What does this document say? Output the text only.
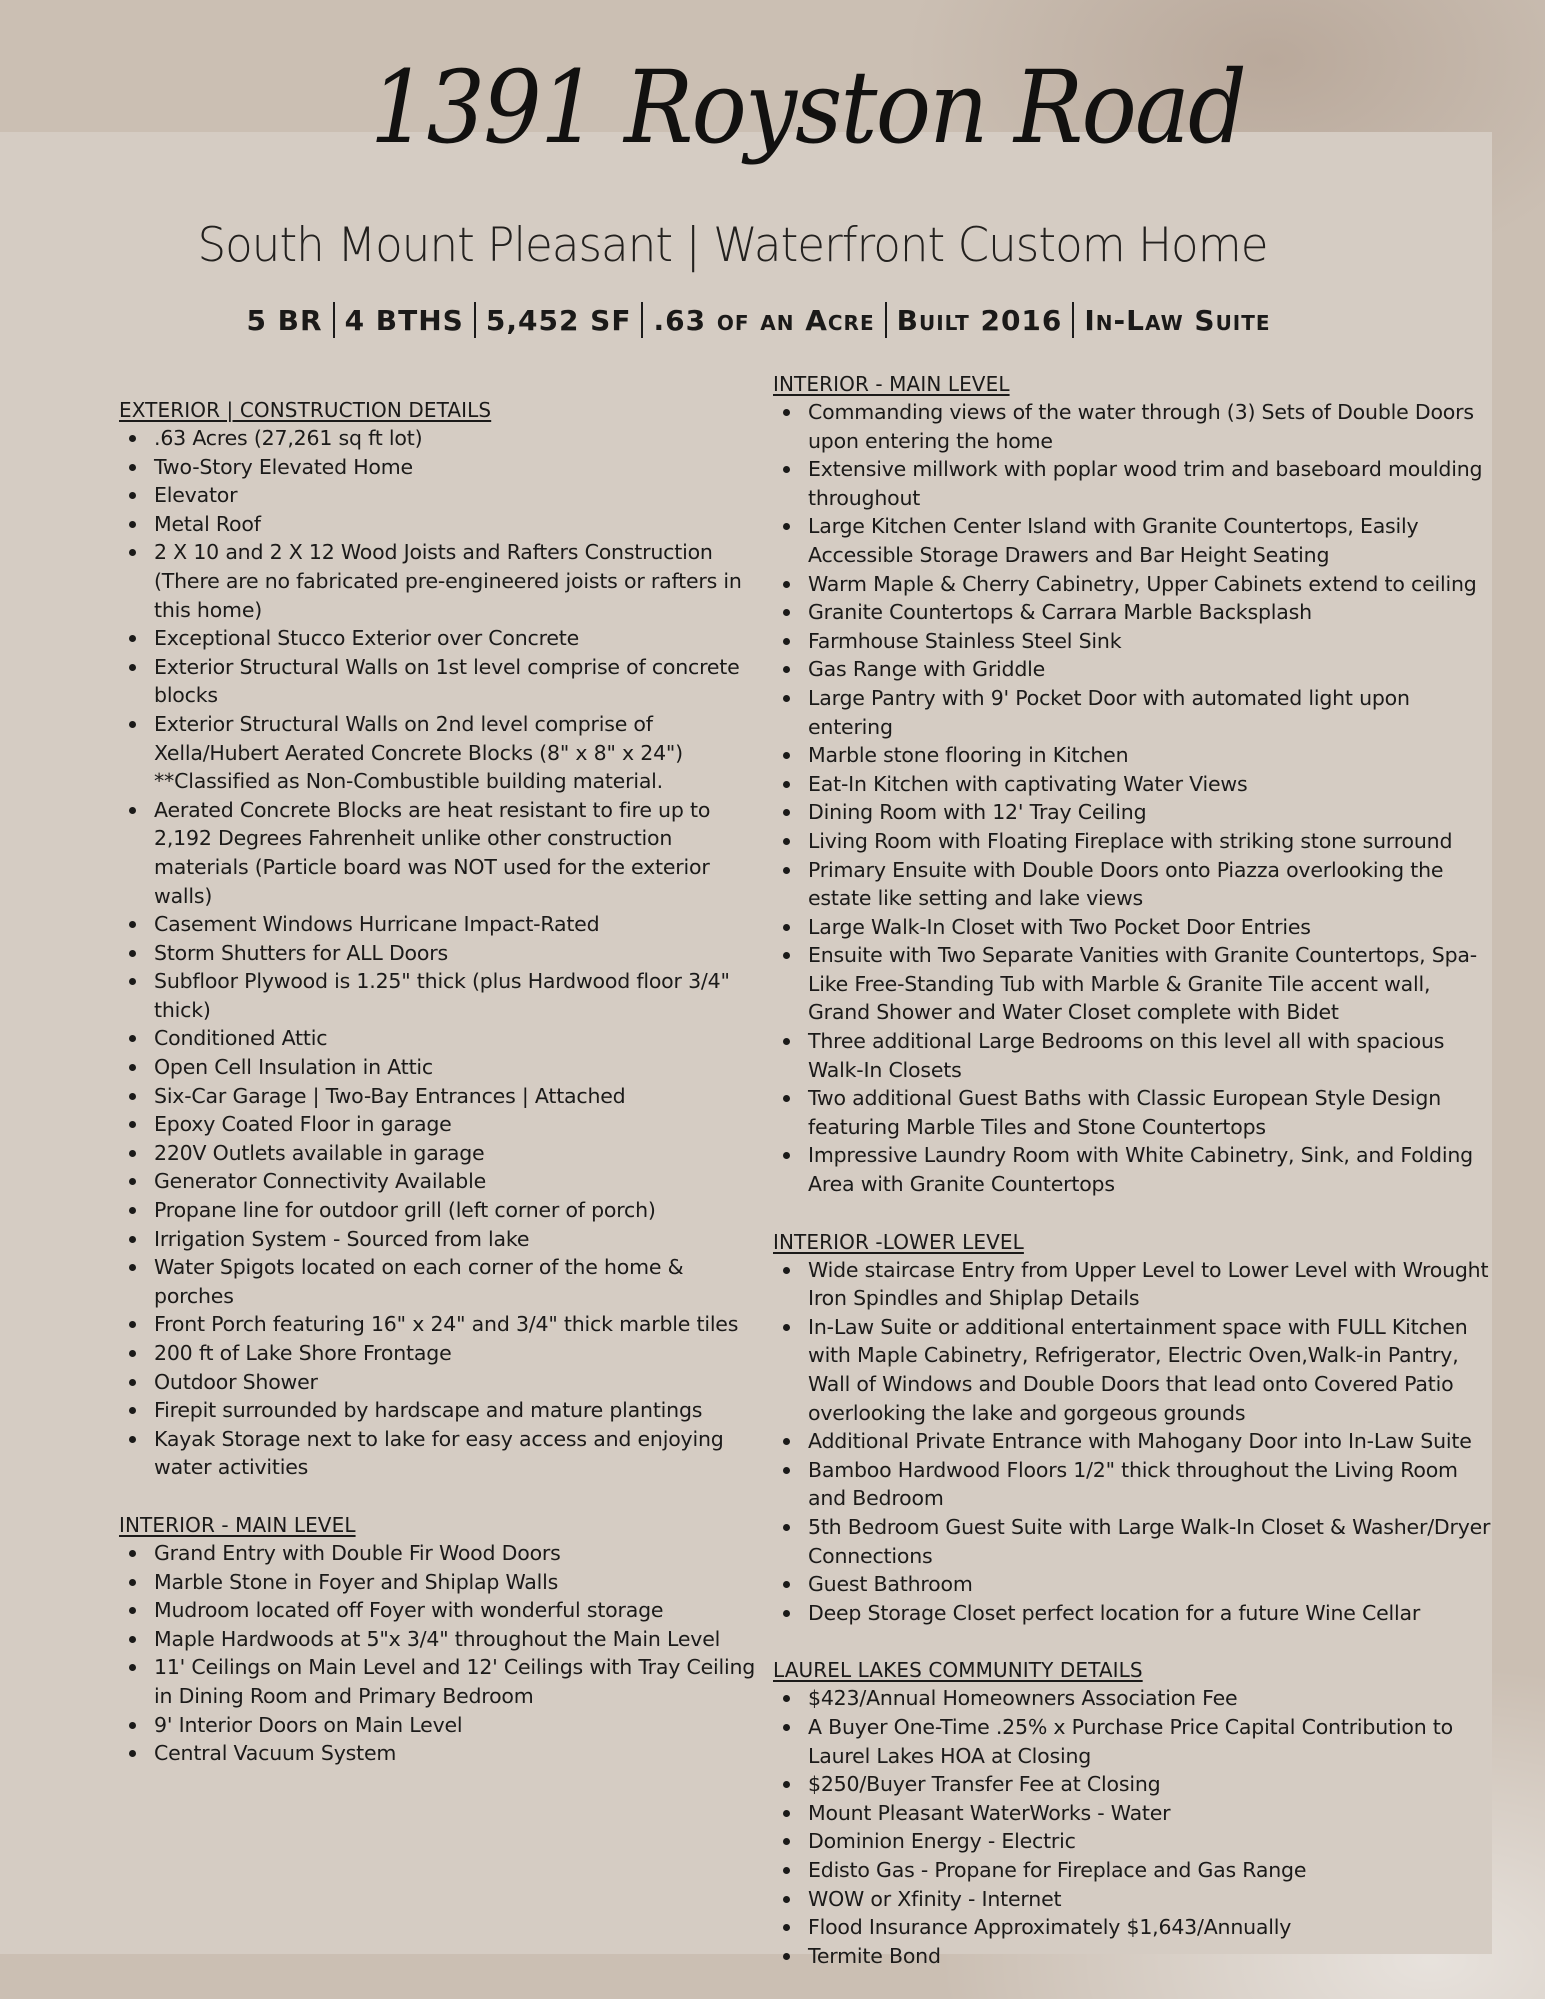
1391 Royston Road
South Mount Pleasant | Waterfront Custom Home
5 BR 4 BTHS 5,452 SF .63 of an Acre Built 2016 In-Law Suite
EXTERIOR | CONSTRUCTION DETAILS
.63 Acres (27,261 sq ft lot)
Two-Story Elevated Home
Elevator
Metal Roof
2 X 10 and 2 X 12 Wood Joists and Rafters Construction (There are no fabricated pre-engineered joists or rafters in this home)
Exceptional Stucco Exterior over Concrete
Exterior Structural Walls on 1st level comprise of concrete blocks
Exterior Structural Walls on 2nd level comprise of Xella/Hubert Aerated Concrete Blocks (8" x 8" x 24") **Classified as Non-Combustible building material.
Aerated Concrete Blocks are heat resistant to fire up to 2,192 Degrees Fahrenheit unlike other construction materials (Particle board was NOT used for the exterior walls)
Casement Windows Hurricane Impact-Rated
Storm Shutters for ALL Doors
Subfloor Plywood is 1.25" thick (plus Hardwood floor 3/4" thick)
Conditioned Attic
Open Cell Insulation in Attic
Six-Car Garage | Two-Bay Entrances | Attached
Epoxy Coated Floor in garage
220V Outlets available in garage
Generator Connectivity Available
Propane line for outdoor grill (left corner of porch)
Irrigation System - Sourced from lake
Water Spigots located on each corner of the home & porches
Front Porch featuring 16" x 24" and 3/4" thick marble tiles
200 ft of Lake Shore Frontage
Outdoor Shower
Firepit surrounded by hardscape and mature plantings
Kayak Storage next to lake for easy access and enjoying water activities
INTERIOR - MAIN LEVEL
Grand Entry with Double Fir Wood Doors
Marble Stone in Foyer and Shiplap Walls
Mudroom located off Foyer with wonderful storage
Maple Hardwoods at 5"x 3/4" throughout the Main Level
11' Ceilings on Main Level and 12' Ceilings with Tray Ceiling in Dining Room and Primary Bedroom
9' Interior Doors on Main Level
Central Vacuum System
INTERIOR - MAIN LEVEL
Commanding views of the water through (3) Sets of Double Doors upon entering the home
Extensive millwork with poplar wood trim and baseboard moulding throughout
Large Kitchen Center Island with Granite Countertops, Easily Accessible Storage Drawers and Bar Height Seating
Warm Maple & Cherry Cabinetry, Upper Cabinets extend to ceiling
Granite Countertops & Carrara Marble Backsplash
Farmhouse Stainless Steel Sink
Gas Range with Griddle
Large Pantry with 9' Pocket Door with automated light upon entering
Marble stone flooring in Kitchen
Eat-In Kitchen with captivating Water Views
Dining Room with 12' Tray Ceiling
Living Room with Floating Fireplace with striking stone surround
Primary Ensuite with Double Doors onto Piazza overlooking the estate like setting and lake views
Large Walk-In Closet with Two Pocket Door Entries
Ensuite with Two Separate Vanities with Granite Countertops, Spa-Like Free-Standing Tub with Marble & Granite Tile accent wall, Grand Shower and Water Closet complete with Bidet
Three additional Large Bedrooms on this level all with spacious Walk-In Closets
Two additional Guest Baths with Classic European Style Design featuring Marble Tiles and Stone Countertops
Impressive Laundry Room with White Cabinetry, Sink, and Folding Area with Granite Countertops
INTERIOR -LOWER LEVEL
Wide staircase Entry from Upper Level to Lower Level with Wrought Iron Spindles and Shiplap Details
In-Law Suite or additional entertainment space with FULL Kitchen with Maple Cabinetry, Refrigerator, Electric Oven,Walk-in Pantry, Wall of Windows and Double Doors that lead onto Covered Patio overlooking the lake and gorgeous grounds
Additional Private Entrance with Mahogany Door into In-Law Suite
Bamboo Hardwood Floors 1/2" thick throughout the Living Room and Bedroom
5th Bedroom Guest Suite with Large Walk-In Closet & Washer/Dryer Connections
Guest Bathroom
Deep Storage Closet perfect location for a future Wine Cellar
LAUREL LAKES COMMUNITY DETAILS
$423/Annual Homeowners Association Fee
A Buyer One-Time .25% x Purchase Price Capital Contribution to Laurel Lakes HOA at Closing
$250/Buyer Transfer Fee at Closing
Mount Pleasant WaterWorks - Water
Dominion Energy - Electric
Edisto Gas - Propane for Fireplace and Gas Range
WOW or Xfinity - Internet
Flood Insurance Approximately $1,643/Annually
Termite Bond
